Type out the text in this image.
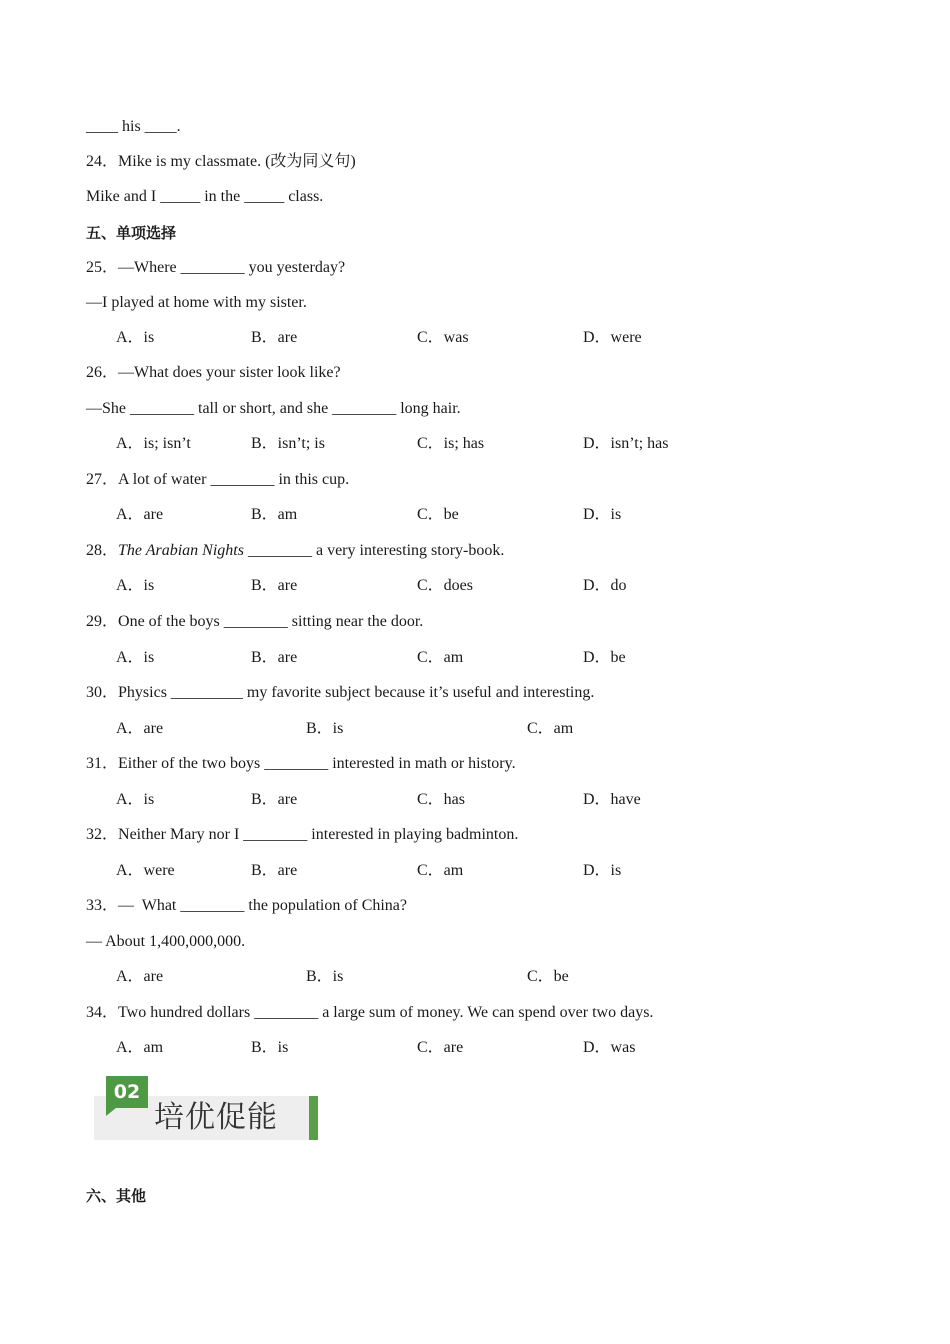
____ his ____.
24．Mike is my classmate. (改为同义句)
Mike and I _____ in the _____ class.
五、单项选择
25．—Where ________ you yesterday?
—I played at home with my sister.
A．is	B．are	C．was	D．were
26．—What does your sister look like?
—She ________ tall or short, and she ________ long hair.
A．is; isn’t	B．isn’t; is	C．is; has	D．isn’t; has
27．A lot of water ________ in this cup.
A．are	B．am	C．be	D．is
28．The Arabian Nights ________ a very interesting story-book.
A．is	B．are	C．does	D．do
29．One of the boys ________ sitting near the door.
A．is	B．are	C．am	D．be
30．Physics _________ my favorite subject because it’s useful and interesting.
A．are	B．is	C．am
31．Either of the two boys ________ interested in math or history.
A．is	B．are	C．has	D．have
32．Neither Mary nor I ________ interested in playing badminton.
A．were	B．are	C．am	D．is
33．—  What ________ the population of China?
— About 1,400,000,000.
A．are	B．is	C．be
34．Two hundred dollars ________ a large sum of money. We can spend over two days.
A．am	B．is	C．are	D．was
02
培优促能
六、其他
